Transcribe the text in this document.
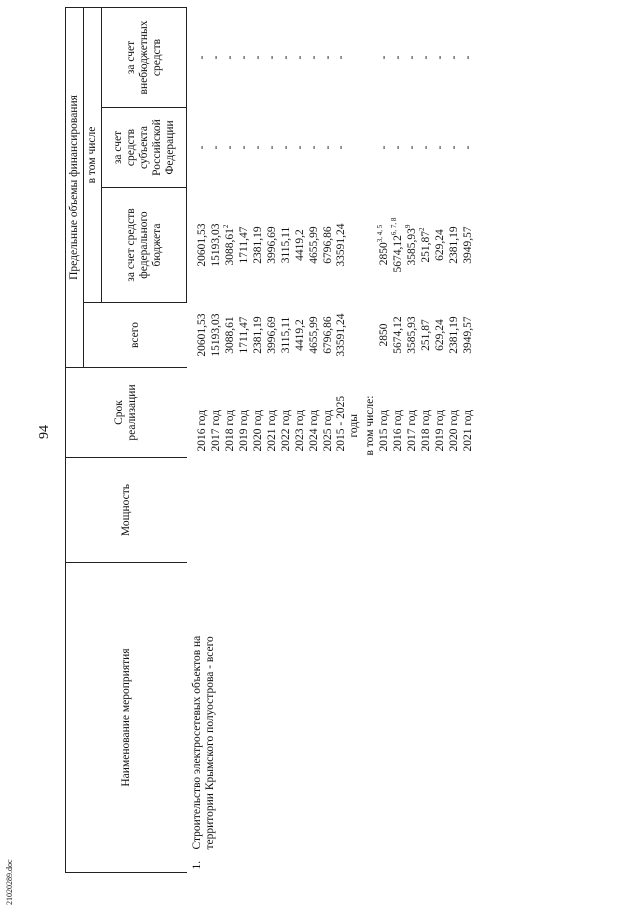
94
21020289.doc
Наименование мероприятия	Мощность	Срок реализации	Предельные объемы финансирования			
			всего	в том числе		
				за счет средств федерального бюджета	за счет средств субъекта Российской Федерации	за счет внебюджетных средств
1.Строительство электросетевых объектов на территории Крымского полуострова - всего						
		2016 год	20601,53	20601,53	-	-
		2017 год	15193,03	15193,03	-	-
		2018 год	3088,61	3088,61$^2$	-	-
		2019 год	1711,47	1711,47	-	-
		2020 год	2381,19	2381,19	-	-
		2021 год	3996,69	3996,69	-	-
		2022 год	3115,11	3115,11	-	-
		2023 год	4419,2	4419,2	-	-
		2024 год	4655,99	4655,99	-	-
		2025 год	6796,86	6796,86	-	-

		2015 - 2025 годы	33591,24	33591,24	-	-
		в том числе:				
		2015 год	2850	2850$^{3, 4, 5}$	-	-
		2016 год	5674,12	5674,12$^{6, 7, 8}$	-	-
		2017 год	3585,93	3585,93$^9$	-	-
		2018 год	251,87	251,87$^2$	-	-
		2019 год	629,24	629,24	-	-
		2020 год	2381,19	2381,19	-	-
		2021 год	3949,57	3949,57	-	-
